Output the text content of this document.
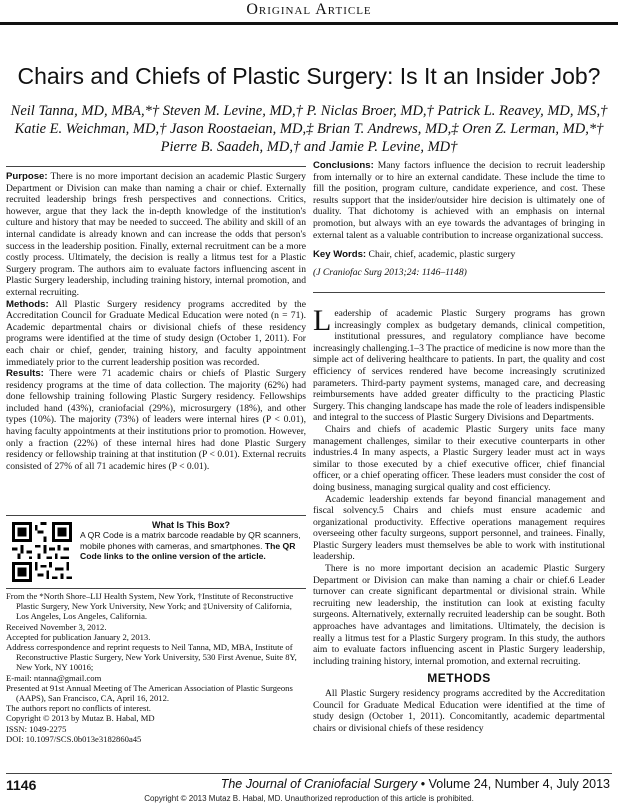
Original Article
Chairs and Chiefs of Plastic Surgery: Is It an Insider Job?
Neil Tanna, MD, MBA,*† Steven M. Levine, MD,† P. Niclas Broer, MD,† Patrick L. Reavey, MD, MS,†
Katie E. Weichman, MD,† Jason Roostaeian, MD,‡ Brian T. Andrews, MD,‡ Oren Z. Lerman, MD,*†
Pierre B. Saadeh, MD,† and Jamie P. Levine, MD†

Purpose: There is no more important decision an academic Plastic Surgery Department or Division can make than naming a chair or chief. Externally recruited leadership brings fresh perspectives and connections. Critics, however, argue that they lack the in-depth knowledge of the institution's culture and history that may be needed to succeed. The ability and skill of an internal candidate is already known and can increase the odds that person's success in the leadership position. Finally, external recruitment can be a more costly process. Ultimately, the decision is really a litmus test for a Plastic Surgery program. The authors aim to evaluate factors influencing ascent in Plastic Surgery leadership, including training history, internal promotion, and external recruiting.

Methods: All Plastic Surgery residency programs accredited by the Accreditation Council for Graduate Medical Education were noted (n = 71). Academic departmental chairs or divisional chiefs of these residency programs were identified at the time of study design (October 1, 2011). For each chair or chief, gender, training history, and faculty appointment immediately prior to the current leadership position was recorded.

Results: There were 71 academic chairs or chiefs of Plastic Surgery residency programs at the time of data collection. The majority (62%) had done fellowship training following Plastic Surgery residency. Fellowships included hand (43%), craniofacial (29%), microsurgery (18%), and other types (10%). The majority (73%) of leaders were internal hires (P < 0.01), having faculty appointments at their institutions prior to promotion. However, only a fraction (22%) of these internal hires had done Plastic Surgery residency or fellowship training at that institution (P < 0.01). External recruits consisted of 27% of all 71 academic hires (P < 0.01).

Conclusions: Many factors influence the decision to recruit leadership from internally or to hire an external candidate. These include the time to fill the position, program culture, candidate experience, and cost. These results support that the insider/outsider hire decision is ultimately one of duality. That dichotomy is achieved with an emphasis on internal promotion, but always with an eye towards the advantages of bringing in external talent as a valuable contribution to increase organizational success.

Key Words: Chair, chief, academic, plastic surgery

(J Craniofac Surg 2013;24: 1146–1148)

What Is This Box?
A QR Code is a matrix barcode readable by QR scanners, mobile phones with cameras, and smartphones. The QR Code links to the online version of the article.

From the *North Shore–LIJ Health System, New York, †Institute of Reconstructive Plastic Surgery, New York University, New York; and ‡University of California, Los Angeles, Los Angeles, California.

Received November 3, 2012.

Accepted for publication January 2, 2013.

Address correspondence and reprint requests to Neil Tanna, MD, MBA, Institute of Reconstructive Plastic Surgery, New York University, 530 First Avenue, Suite 8Y, New York, NY 10016;

E-mail: ntanna@gmail.com

Presented at 91st Annual Meeting of The American Association of Plastic Surgeons (AAPS), San Francisco, CA, April 16, 2012.

The authors report no conflicts of interest.

Copyright © 2013 by Mutaz B. Habal, MD

ISSN: 1049-2275

DOI: 10.1097/SCS.0b013e3182860a45

Leadership of academic Plastic Surgery programs has grown increasingly complex as budgetary demands, clinical competition, institutional pressures, and regulatory compliance have become increasingly challenging.1–3 The practice of medicine is now more than the simple act of delivering healthcare to patients. In part, the quality and cost efficiency of services rendered have become increasingly scrutinized parameters. Third-party payment systems, managed care, and decreasing reimbursements have added greater difficulty to the practicing Plastic Surgery. This changing landscape has made the role of leaders indispensible and integral to the success of Plastic Surgery Divisions and Departments.

Chairs and chiefs of academic Plastic Surgery units face many management challenges, similar to their executive counterparts in other industries.4 In many aspects, a Plastic Surgery leader must act in ways similar to those executed by a chief executive officer, chief financial officer, or a chief operating officer. These leaders must consider the cost of doing business, managing surgical quality and cost efficiency.

Academic leadership extends far beyond financial management and fiscal solvency.5 Chairs and chiefs must ensure academic and organizational productivity. Effective operations management requires overseeing other faculty surgeons, support personnel, and trainees. Finally, Plastic Surgery leaders must themselves be able to work with institutional leadership.

There is no more important decision an academic Plastic Surgery Department or Division can make than naming a chair or chief.6 Leader turnover can create significant departmental or divisional strain. While recruiting new leadership, the institution can look at existing faculty surgeons. Alternatively, externally recruited leadership can be sought. Both approaches have advantages and limitations. Ultimately, the decision is really a litmus test for a Plastic Surgery program. In this study, the authors aim to evaluate factors influencing ascent in Plastic Surgery leadership, including training history, internal promotion, and external recruiting.

METHODS

All Plastic Surgery residency programs accredited by the Accreditation Council for Graduate Medical Education were identified at the time of study design (October 1, 2011). Concomitantly, academic departmental chairs or divisional chiefs of these residency

1146	The Journal of Craniofacial Surgery • Volume 24, Number 4, July 2013
Copyright © 2013 Mutaz B. Habal, MD. Unauthorized reproduction of this article is prohibited.
